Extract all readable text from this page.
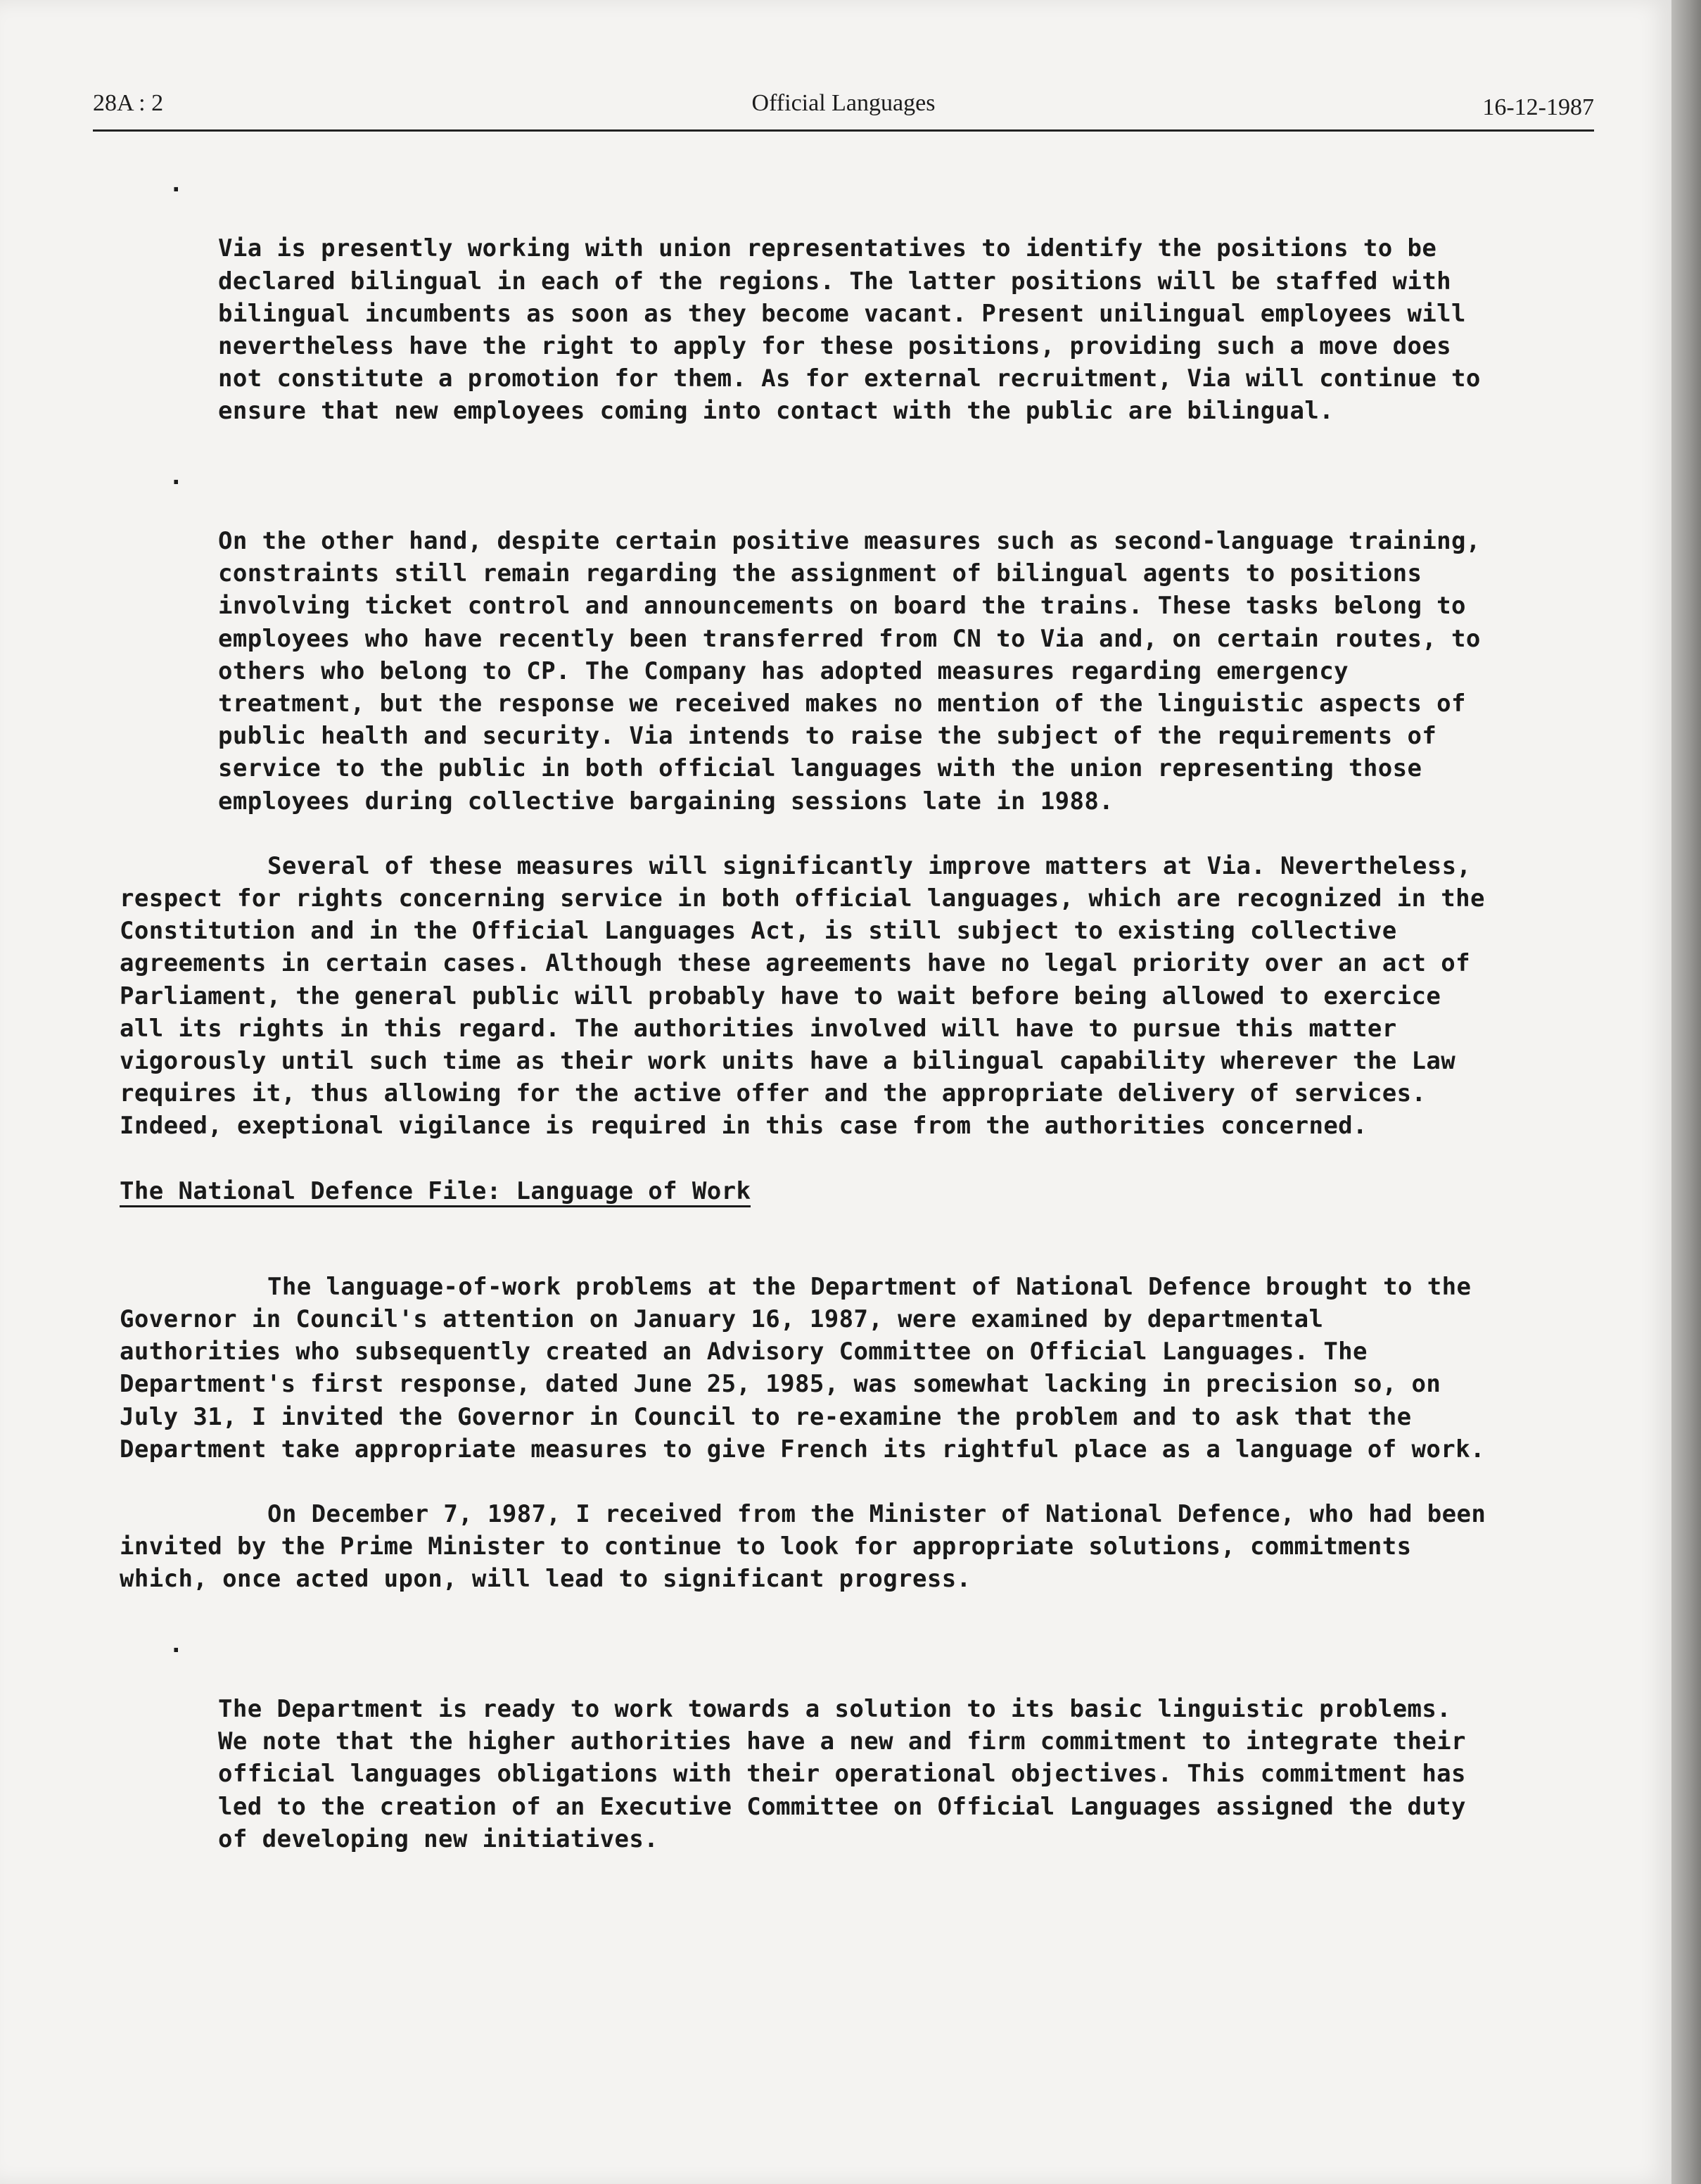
28A : 2	Official Languages	16-12-1987

.

Via is presently working with union representatives to identify the positions to be declared bilingual in each of the regions. The latter positions will be staffed with bilingual incumbents as soon as they become vacant. Present unilingual employees will nevertheless have the right to apply for these positions, providing such a move does not constitute a promotion for them. As for external recruitment, Via will continue to ensure that new employees coming into contact with the public are bilingual.

.

On the other hand, despite certain positive measures such as second-language training, constraints still remain regarding the assignment of bilingual agents to positions involving ticket control and announcements on board the trains. These tasks belong to employees who have recently been transferred from CN to Via and, on certain routes, to others who belong to CP. The Company has adopted measures regarding emergency treatment, but the response we received makes no mention of the linguistic aspects of public health and security. Via intends to raise the subject of the requirements of service to the public in both official languages with the union representing those employees during collective bargaining sessions late in 1988.

Several of these measures will significantly improve matters at Via. Nevertheless, respect for rights concerning service in both official languages, which are recognized in the Constitution and in the Official Languages Act, is still subject to existing collective agreements in certain cases. Although these agreements have no legal priority over an act of Parliament, the general public will probably have to wait before being allowed to exercice all its rights in this regard. The authorities involved will have to pursue this matter vigorously until such time as their work units have a bilingual capability wherever the Law requires it, thus allowing for the active offer and the appropriate delivery of services. Indeed, exeptional vigilance is required in this case from the authorities concerned.

The National Defence File: Language of Work

The language-of-work problems at the Department of National Defence brought to the Governor in Council's attention on January 16, 1987, were examined by departmental authorities who subsequently created an Advisory Committee on Official Languages. The Department's first response, dated June 25, 1985, was somewhat lacking in precision so, on July 31, I invited the Governor in Council to re-examine the problem and to ask that the Department take appropriate measures to give French its rightful place as a language of work.

On December 7, 1987, I received from the Minister of National Defence, who had been invited by the Prime Minister to continue to look for appropriate solutions, commitments which, once acted upon, will lead to significant progress.

.

The Department is ready to work towards a solution to its basic linguistic problems. We note that the higher authorities have a new and firm commitment to integrate their official languages obligations with their operational objectives. This commitment has led to the creation of an Executive Committee on Official Languages assigned the duty of developing new initiatives.
